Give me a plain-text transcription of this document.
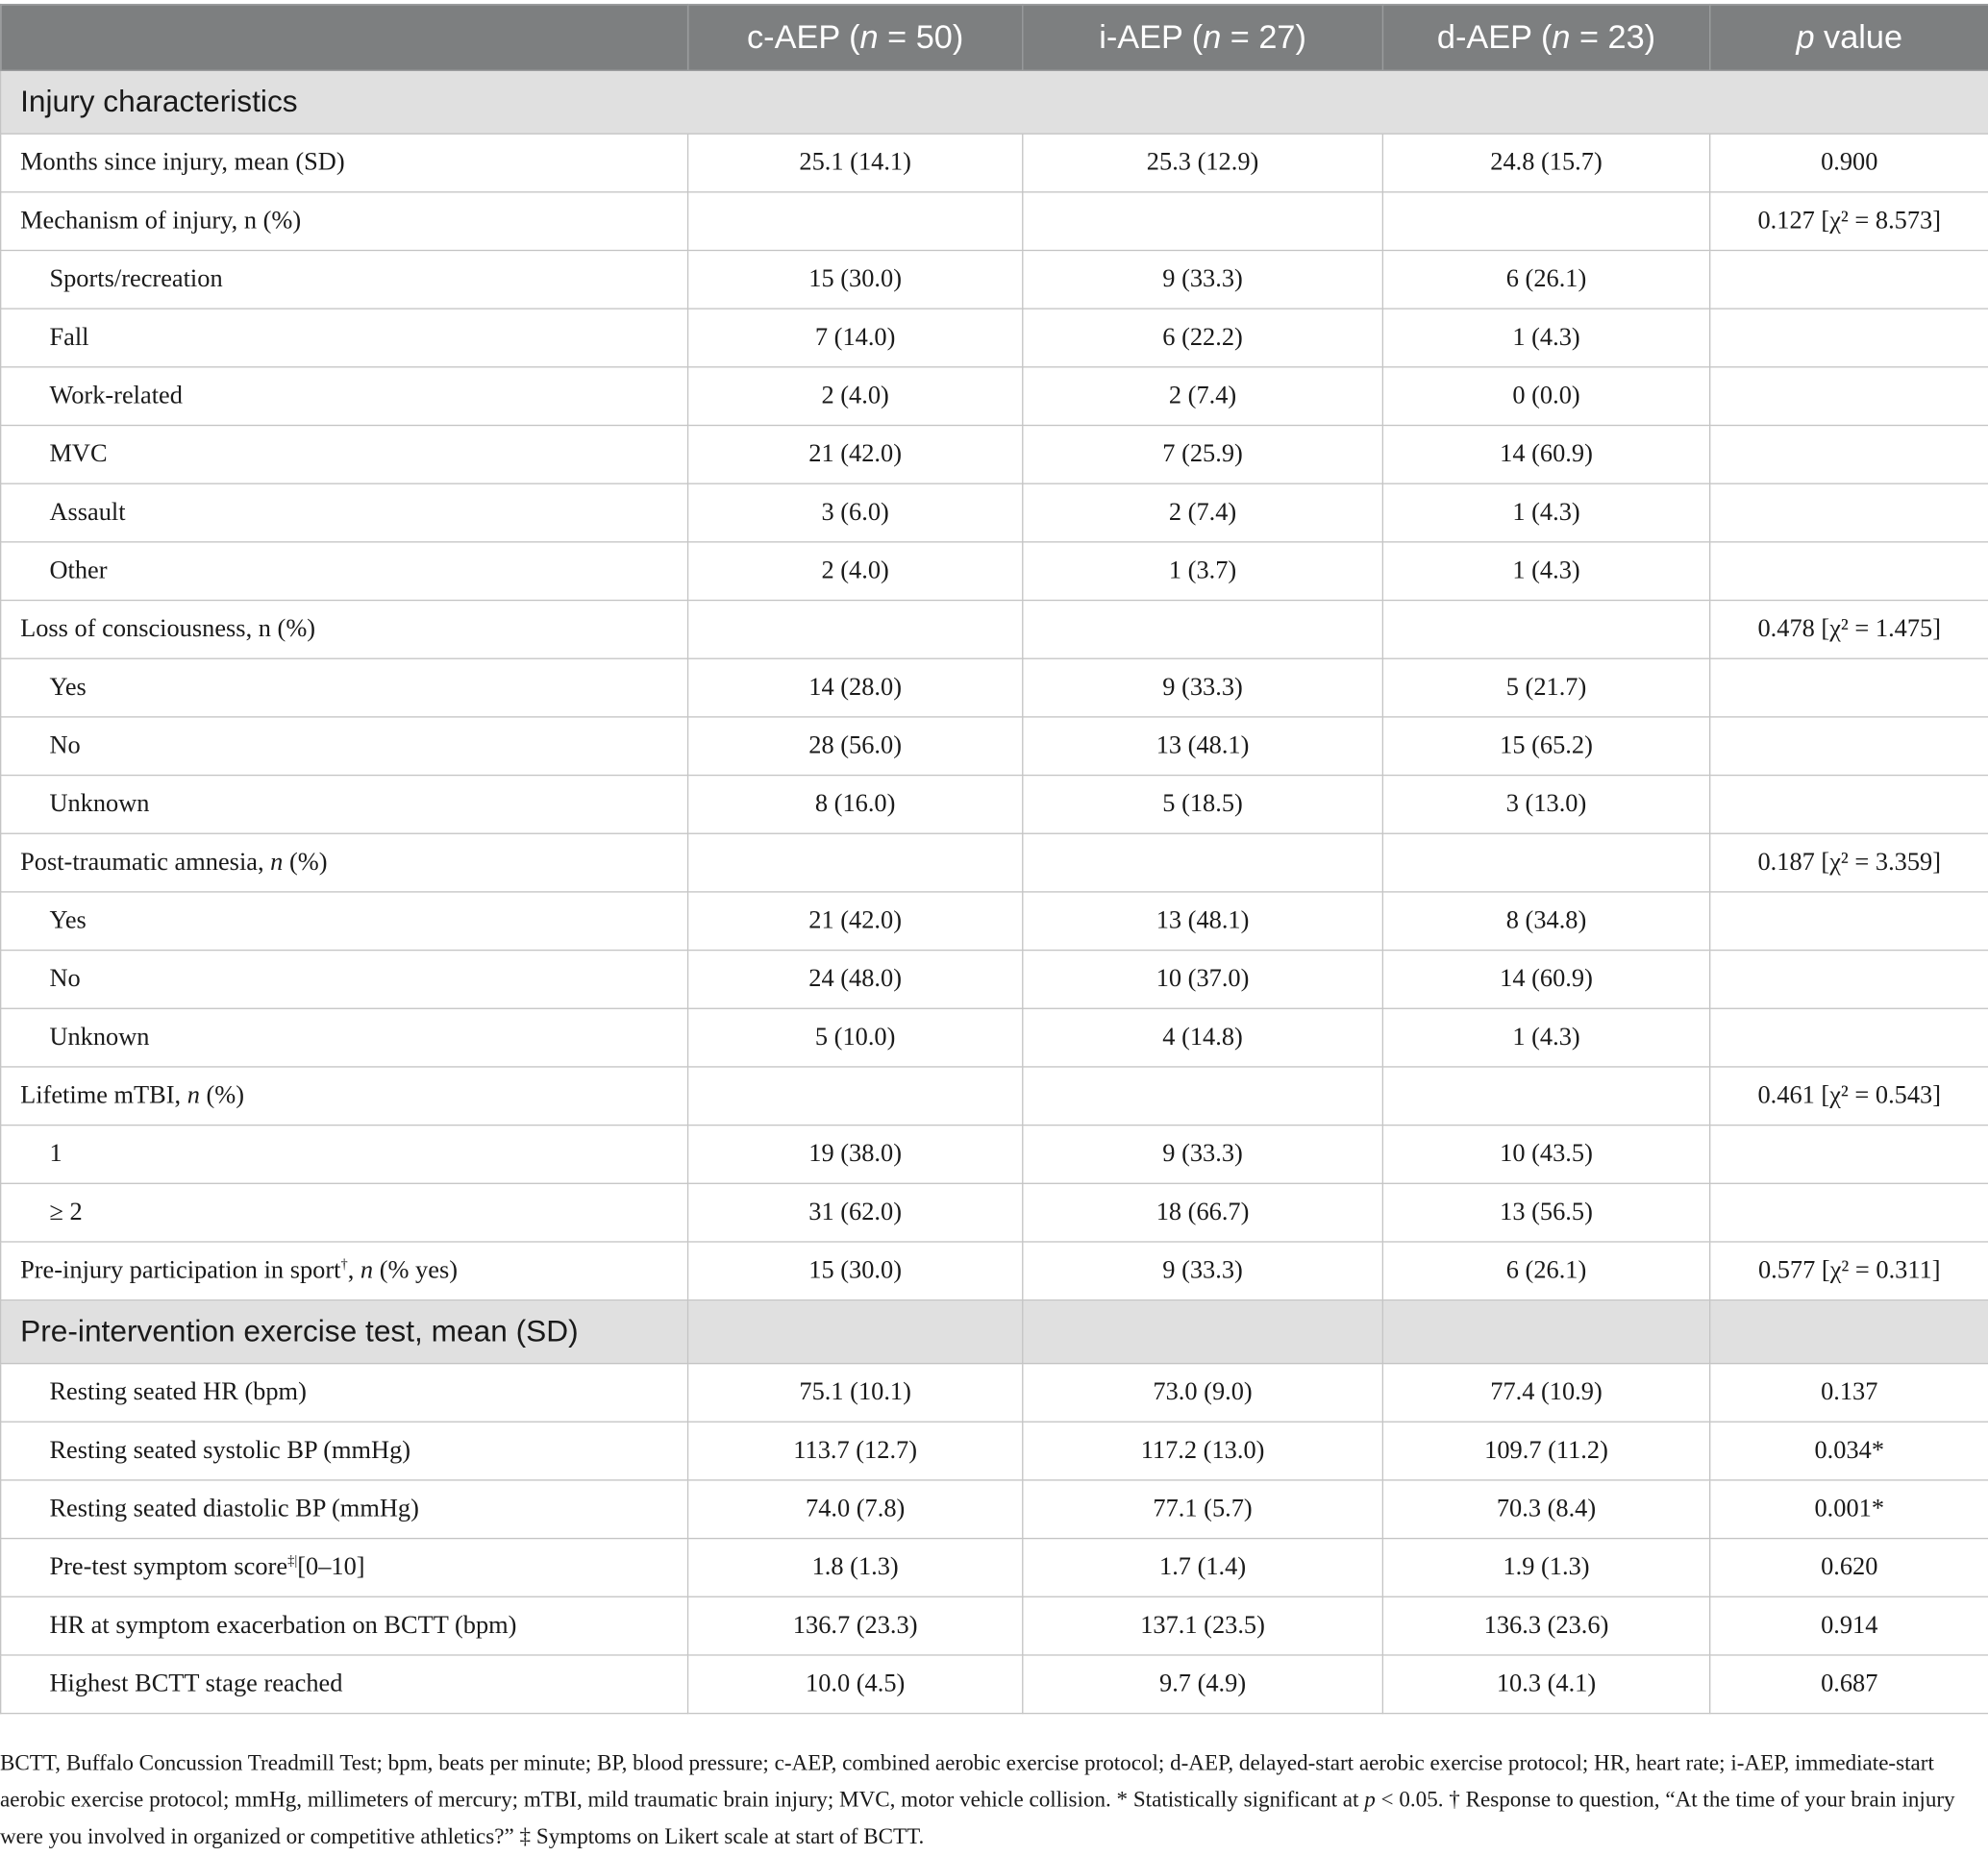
	c-AEP (n = 50)	i-AEP (n = 27)	d-AEP (n = 23)	p value
Injury characteristics				
Months since injury, mean (SD)	25.1 (14.1)	25.3 (12.9)	24.8 (15.7)	0.900
Mechanism of injury, n (%)				0.127 [χ² = 8.573]
Sports/recreation	15 (30.0)	9 (33.3)	6 (26.1)	
Fall	7 (14.0)	6 (22.2)	1 (4.3)	
Work-related	2 (4.0)	2 (7.4)	0 (0.0)	
MVC	21 (42.0)	7 (25.9)	14 (60.9)	
Assault	3 (6.0)	2 (7.4)	1 (4.3)	
Other	2 (4.0)	1 (3.7)	1 (4.3)	
Loss of consciousness, n (%)				0.478 [χ² = 1.475]
Yes	14 (28.0)	9 (33.3)	5 (21.7)	
No	28 (56.0)	13 (48.1)	15 (65.2)	
Unknown	8 (16.0)	5 (18.5)	3 (13.0)	
Post-traumatic amnesia, n (%)				0.187 [χ² = 3.359]
Yes	21 (42.0)	13 (48.1)	8 (34.8)	
No	24 (48.0)	10 (37.0)	14 (60.9)	
Unknown	5 (10.0)	4 (14.8)	1 (4.3)	
Lifetime mTBI, n (%)				0.461 [χ² = 0.543]
1	19 (38.0)	9 (33.3)	10 (43.5)	
≥ 2	31 (62.0)	18 (66.7)	13 (56.5)	
Pre-injury participation in sport†, n (% yes)	15 (30.0)	9 (33.3)	6 (26.1)	0.577 [χ² = 0.311]
Pre-intervention exercise test, mean (SD)				
Resting seated HR (bpm)	75.1 (10.1)	73.0 (9.0)	77.4 (10.9)	0.137
Resting seated systolic BP (mmHg)	113.7 (12.7)	117.2 (13.0)	109.7 (11.2)	0.034*
Resting seated diastolic BP (mmHg)	74.0 (7.8)	77.1 (5.7)	70.3 (8.4)	0.001*
Pre-test symptom score‡|[0–10]	1.8 (1.3)	1.7 (1.4)	1.9 (1.3)	0.620
HR at symptom exacerbation on BCTT (bpm)	136.7 (23.3)	137.1 (23.5)	136.3 (23.6)	0.914
Highest BCTT stage reached	10.0 (4.5)	9.7 (4.9)	10.3 (4.1)	0.687
BCTT, Buffalo Concussion Treadmill Test; bpm, beats per minute; BP, blood pressure; c-AEP, combined aerobic exercise protocol; d-AEP, delayed-start aerobic exercise protocol; HR, heart rate; i-AEP, immediate-start aerobic exercise protocol; mmHg, millimeters of mercury; mTBI, mild traumatic brain injury; MVC, motor vehicle collision. * Statistically significant at p < 0.05. † Response to question, “At the time of your brain injury were you involved in organized or competitive athletics?” ‡ Symptoms on Likert scale at start of BCTT.
